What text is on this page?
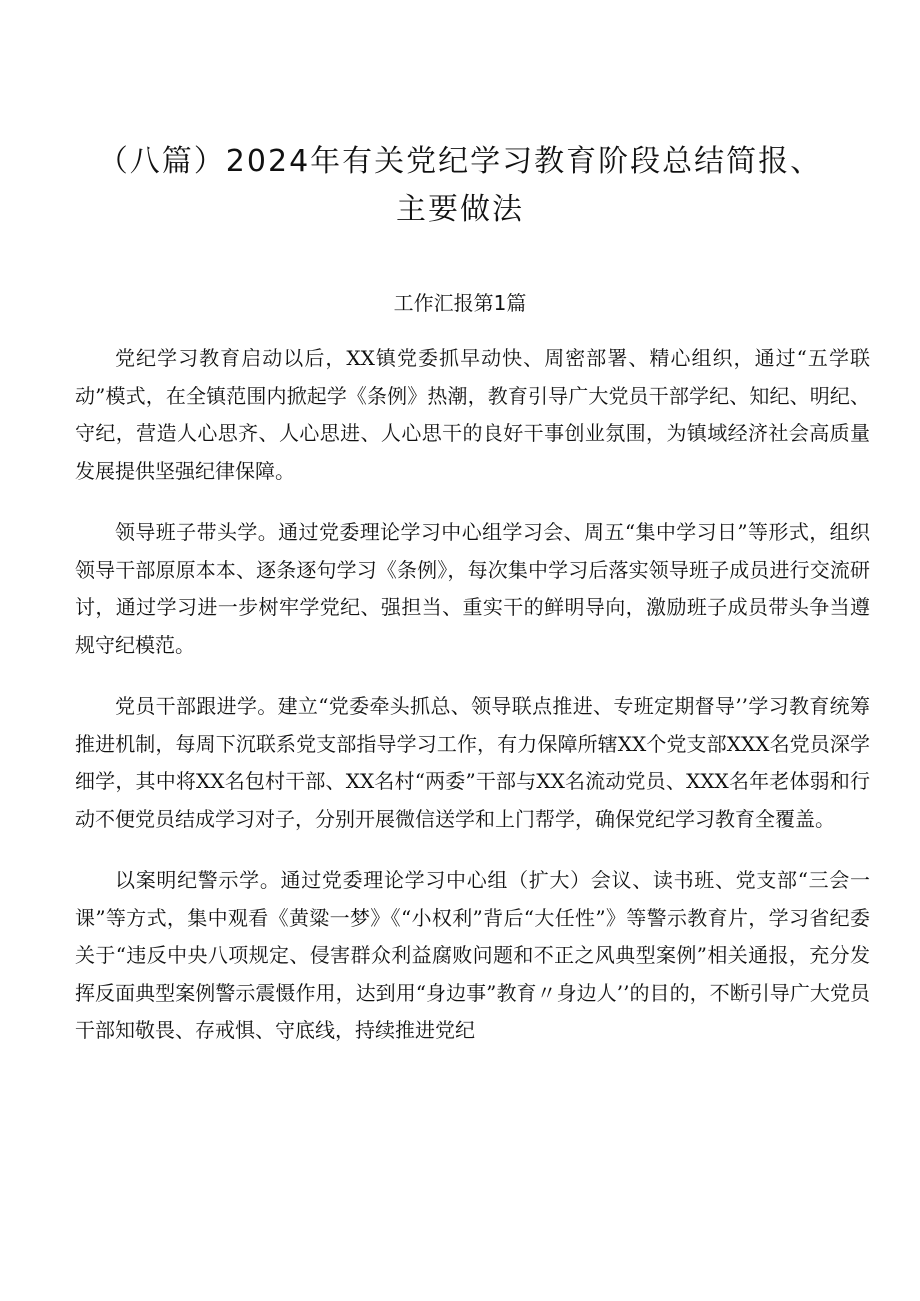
（八篇）2024年有关党纪学习教育阶段总结简报、
主要做法
工作汇报第1篇

党纪学习教育启动以后，XX镇党委抓早动快、周密部署、精心组织，通过“五学联动”模式，在全镇范围内掀起学《条例》热潮，教育引导广大党员干部学纪、知纪、明纪、守纪，营造人心思齐、人心思进、人心思干的良好干事创业氛围，为镇域经济社会高质量发展提供坚强纪律保障。

领导班子带头学。通过党委理论学习中心组学习会、周五“集中学习日”等形式，组织领导干部原原本本、逐条逐句学习《条例》，每次集中学习后落实领导班子成员进行交流研讨，通过学习进一步树牢学党纪、强担当、重实干的鲜明导向，激励班子成员带头争当遵规守纪模范。

党员干部跟进学。建立“党委牵头抓总、领导联点推进、专班定期督导’’学习教育统筹推进机制，每周下沉联系党支部指导学习工作，有力保障所辖XX个党支部XXX名党员深学细学，其中将XX名包村干部、XX名村“两委”干部与XX名流动党员、XXX名年老体弱和行动不便党员结成学习对子，分别开展微信送学和上门帮学，确保党纪学习教育全覆盖。

以案明纪警示学。通过党委理论学习中心组（扩大）会议、读书班、党支部“三会一课”等方式，集中观看《黄粱一梦》《“小权利”背后“大任性”》等警示教育片，学习省纪委关于“违反中央八项规定、侵害群众利益腐败问题和不正之风典型案例”相关通报，充分发挥反面典型案例警示震慑作用，达到用“身边事”教育〃身边人’’的目的，不断引导广大党员干部知敬畏、存戒惧、守底线，持续推进党纪
